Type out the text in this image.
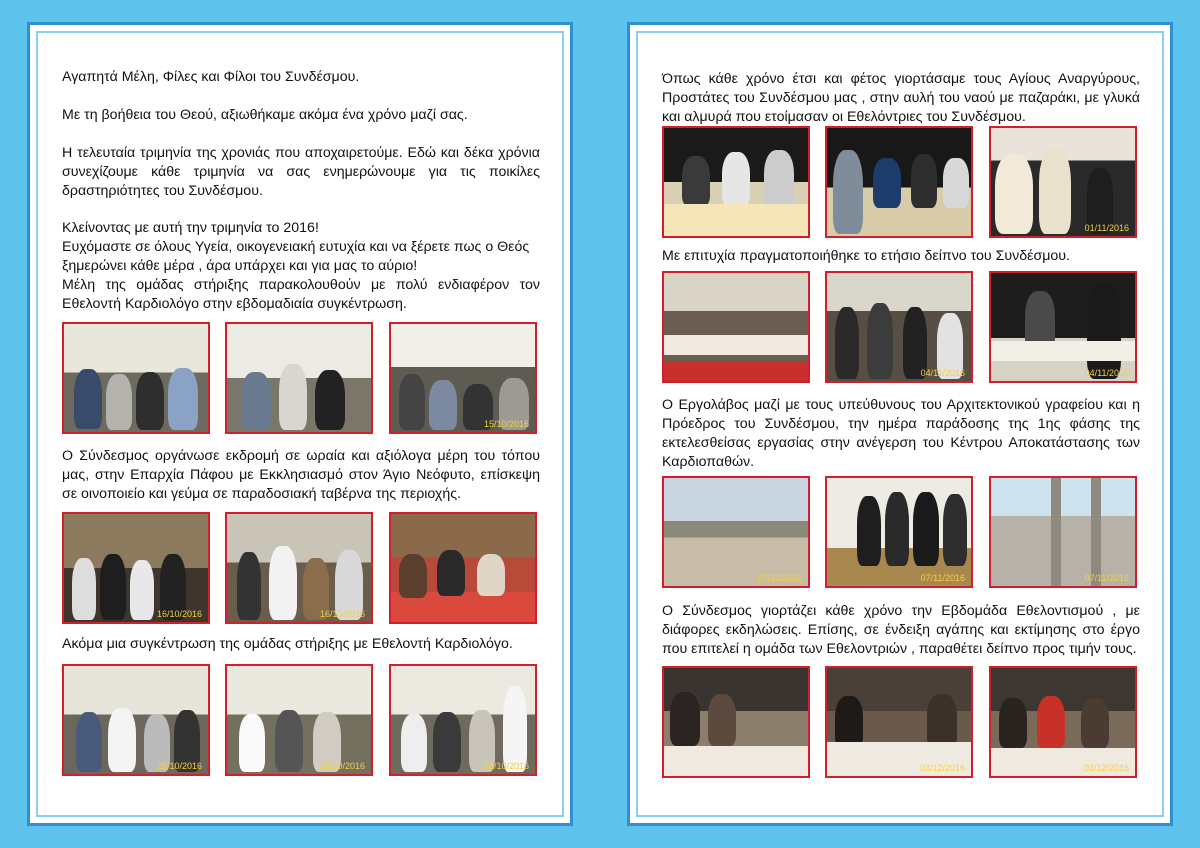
Αγαπητά Μέλη, Φίλες και Φίλοι του Συνδέσμου.

Με τη βοήθεια του Θεού, αξιωθήκαμε ακόμα ένα χρόνο μαζί σας.

Η τελευταία τριμηνία της χρονιάς που αποχαιρετούμε. Εδώ και δέκα χρόνια συνεχίζουμε κάθε τριμηνία να σας ενημερώνουμε για τις ποικίλες δραστηριότητες του Συνδέσμου.

Κλείνοντας με αυτή την τριμηνία το 2016!

Ευχόμαστε σε όλους Υγεία, οικογενειακή ευτυχία και να ξέρετε πως ο Θεός ξημερώνει κάθε μέρα , άρα υπάρχει και για μας το αύριο!

Μέλη της ομάδας στήριξης παρακολουθούν με πολύ ενδιαφέρον τον Εθελοντή Καρδιολόγο στην εβδομαδιαία συγκέντρωση.

15/10/2016

Ο Σύνδεσμος οργάνωσε εκδρομή σε ωραία και αξιόλογα μέρη του τόπου μας, στην Επαρχία Πάφου με Εκκλησιασμό στον Άγιο Νεόφυτο, επίσκεψη σε οινοποιείο και γεύμα σε παραδοσιακή ταβέρνα της περιοχής.

16/10/2016	16/10/2016

Ακόμα μια συγκέντρωση της ομάδας στήριξης με Εθελοντή Καρδιολόγο.

28/10/2016	28/10/2016	28/10/2016

Όπως κάθε χρόνο έτσι και φέτος γιορτάσαμε τους Αγίους Αναργύρους, Προστάτες του Συνδέσμου μας , στην αυλή του ναού με παζαράκι, με γλυκά και αλμυρά που ετοίμασαν οι Εθελόντριες του Συνδέσμου.

01/11/2016

Με επιτυχία πραγματοποιήθηκε το ετήσιο δείπνο του Συνδέσμου.

04/11/2016	04/11/2016

Ο Εργολάβος μαζί με τους υπεύθυνους του Αρχιτεκτονικού γραφείου και η Πρόεδρος του Συνδέσμου, την ημέρα παράδοσης της 1ης φάσης της εκτελεσθείσας εργασίας στην ανέγερση του Κέντρου Αποκατάστασης των Καρδιοπαθών.

07/11/2016	07/11/2016	07/11/2016

Ο Σύνδεσμος γιορτάζει κάθε χρόνο την Εβδομάδα Εθελοντισμού , με διάφορες εκδηλώσεις. Επίσης, σε ένδειξη αγάπης και εκτίμησης στο έργο που επιτελεί η ομάδα των Εθελοντριών , παραθέτει δείπνο προς τιμήν τους.

03/12/2016	03/12/2016
